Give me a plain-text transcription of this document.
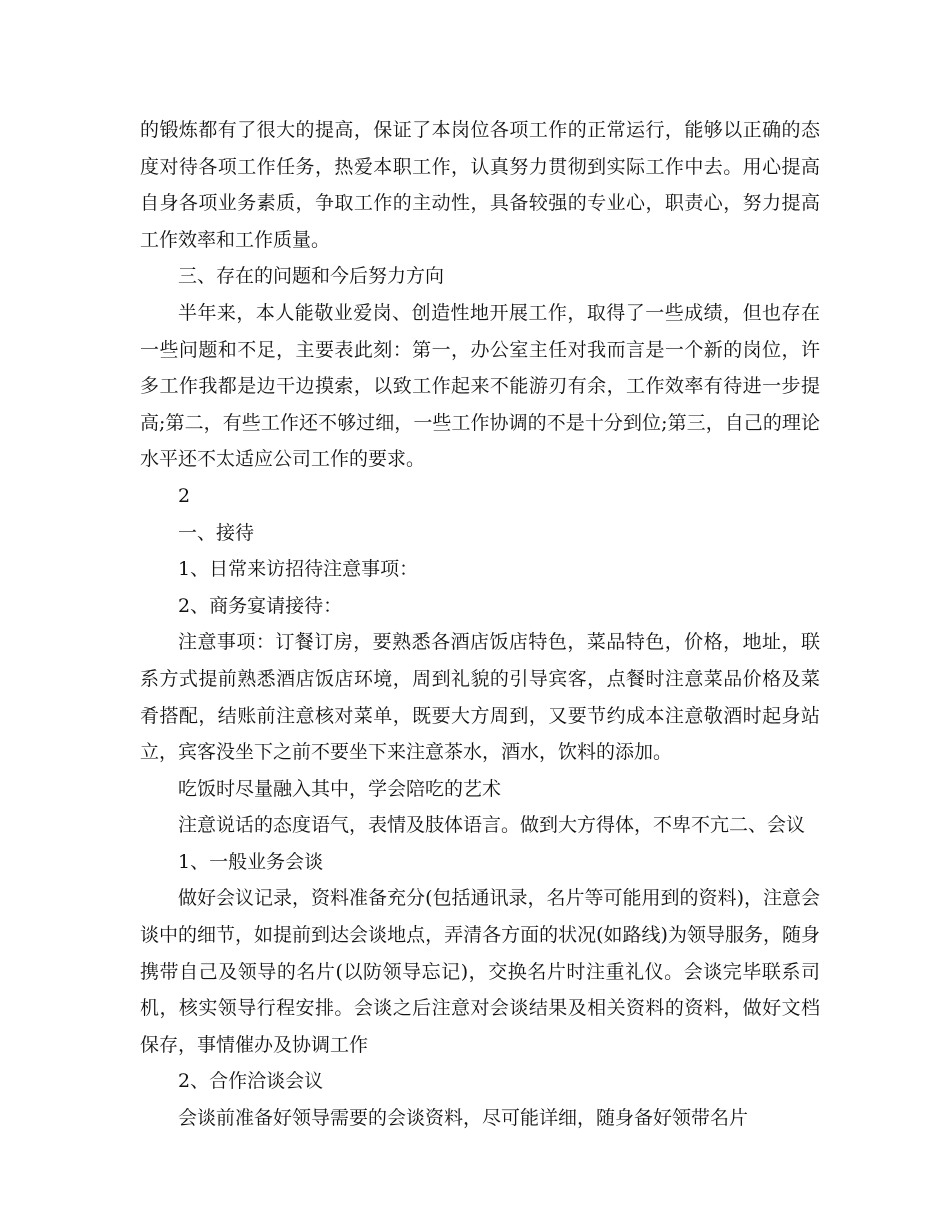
的锻炼都有了很大的提高，保证了本岗位各项工作的正常运行，能够以正确的态度对待各项工作任务，热爱本职工作，认真努力贯彻到实际工作中去。用心提高自身各项业务素质，争取工作的主动性，具备较强的专业心，职责心，努力提高工作效率和工作质量。

三、存在的问题和今后努力方向

半年来，本人能敬业爱岗、创造性地开展工作，取得了一些成绩，但也存在一些问题和不足，主要表此刻：第一，办公室主任对我而言是一个新的岗位，许多工作我都是边干边摸索，以致工作起来不能游刃有余，工作效率有待进一步提高;第二，有些工作还不够过细，一些工作协调的不是十分到位;第三，自己的理论水平还不太适应公司工作的要求。

2

一、接待

1、日常来访招待注意事项：

2、商务宴请接待：

注意事项：订餐订房，要熟悉各酒店饭店特色，菜品特色，价格，地址，联系方式提前熟悉酒店饭店环境，周到礼貌的引导宾客，点餐时注意菜品价格及菜肴搭配，结账前注意核对菜单，既要大方周到，又要节约成本注意敬酒时起身站立，宾客没坐下之前不要坐下来注意茶水，酒水，饮料的添加。

吃饭时尽量融入其中，学会陪吃的艺术

注意说话的态度语气，表情及肢体语言。做到大方得体，不卑不亢二、会议

1、一般业务会谈

做好会议记录，资料准备充分(包括通讯录，名片等可能用到的资料)，注意会谈中的细节，如提前到达会谈地点，弄清各方面的状况(如路线)为领导服务，随身携带自己及领导的名片(以防领导忘记)，交换名片时注重礼仪。会谈完毕联系司机，核实领导行程安排。会谈之后注意对会谈结果及相关资料的资料，做好文档保存，事情催办及协调工作

2、合作洽谈会议

会谈前准备好领导需要的会谈资料，尽可能详细，随身备好领带名片
